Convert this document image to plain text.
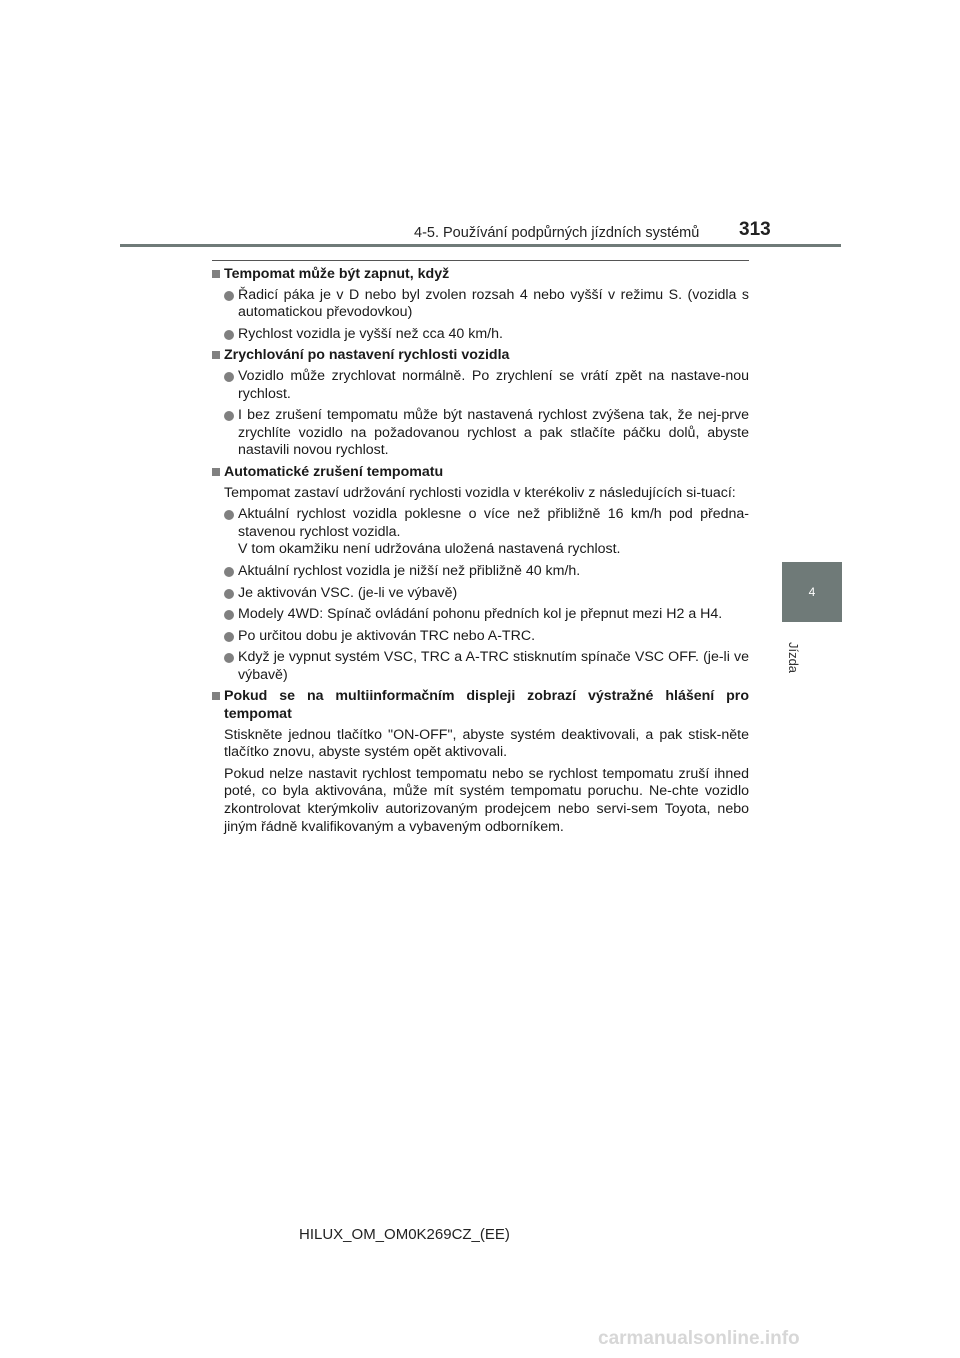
4-5. Používání podpůrných jízdních systémů 313
4
Jízda
Tempomat může být zapnut, když

Řadicí páka je v D nebo byl zvolen rozsah 4 nebo vyšší v režimu S. (vozidla s automatickou převodovkou)

Rychlost vozidla je vyšší než cca 40 km/h.

Zrychlování po nastavení rychlosti vozidla

Vozidlo může zrychlovat normálně. Po zrychlení se vrátí zpět na nastave-nou rychlost.

I bez zrušení tempomatu může být nastavená rychlost zvýšena tak, že nej-prve zrychlíte vozidlo na požadovanou rychlost a pak stlačíte páčku dolů, abyste nastavili novou rychlost.

Automatické zrušení tempomatu

Tempomat zastaví udržování rychlosti vozidla v kterékoliv z následujících si-tuací:

Aktuální rychlost vozidla poklesne o více než přibližně 16 km/h pod předna-stavenou rychlost vozidla.

V tom okamžiku není udržována uložená nastavená rychlost.

Aktuální rychlost vozidla je nižší než přibližně 40 km/h.

Je aktivován VSC. (je-li ve výbavě)

Modely 4WD: Spínač ovládání pohonu předních kol je přepnut mezi H2 a H4.

Po určitou dobu je aktivován TRC nebo A-TRC.

Když je vypnut systém VSC, TRC a A-TRC stisknutím spínače VSC OFF. (je-li ve výbavě)

Pokud se na multiinformačním displeji zobrazí výstražné hlášení pro tempomat

Stiskněte jednou tlačítko "ON-OFF", abyste systém deaktivovali, a pak stisk-něte tlačítko znovu, abyste systém opět aktivovali.

Pokud nelze nastavit rychlost tempomatu nebo se rychlost tempomatu zruší ihned poté, co byla aktivována, může mít systém tempomatu poruchu. Ne-chte vozidlo zkontrolovat kterýmkoliv autorizovaným prodejcem nebo servi-sem Toyota, nebo jiným řádně kvalifikovaným a vybaveným odborníkem.

HILUX_OM_OM0K269CZ_(EE)
carmanualsonline.info
